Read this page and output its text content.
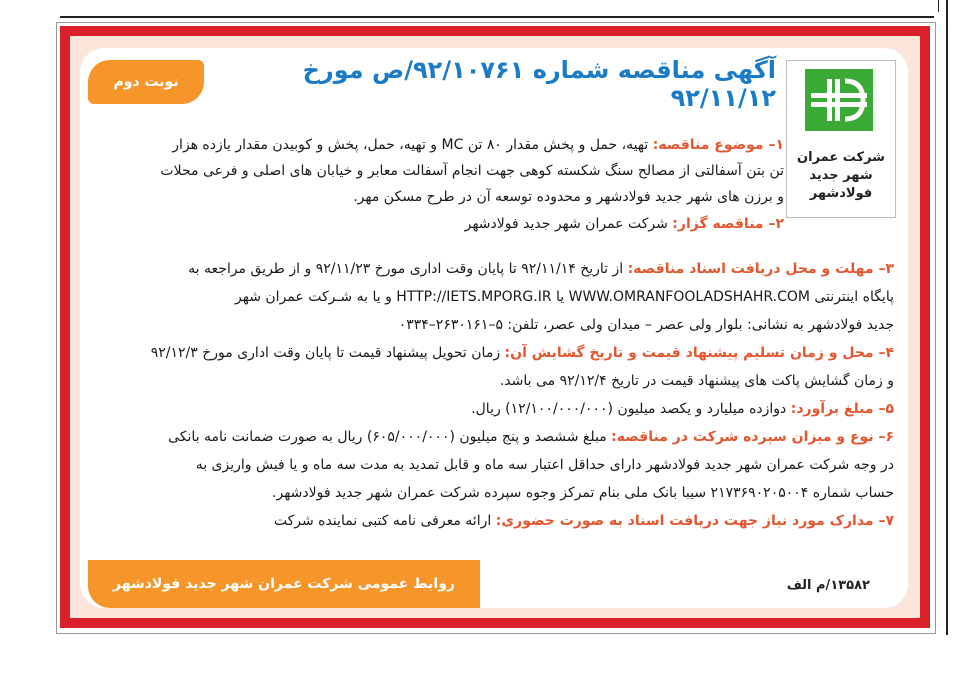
نوبت دوم	آگهی مناقصه شماره ۹۲/۱۰۷۶۱/ص مورخ ۹۲/۱۱/۱۲
شرکت عمران
شهر جدید
فولادشهر
۱– موضوع مناقصه: تهیه، حمل و پخش مقدار ۸۰ تن MC و تهیه، حمل، پخش و کوبیدن مقدار یازده هزار
تن بتن آسفالتی از مصالح سنگ شکسته کوهی جهت انجام آسفالت معابر و خیابان های اصلی و فرعی محلات
و برزن های شهر جدید فولادشهر و محدوده توسعه آن در طرح مسکن مهر.
۲– مناقصه گزار: شرکت عمران شهر جدید فولادشهر
۳– مهلت و محل دریافت اسناد مناقصه: از تاریخ ۹۲/۱۱/۱۴ تا پایان وقت اداری مورخ ۹۲/۱۱/۲۳ و از طریق مراجعه به
پایگاه اینترنتی WWW.OMRANFOOLADSHAHR.COM یا HTTP://IETS.MPORG.IR و یا به شـرکت عمران شهر
جدید فولادشهر به نشانی: بلوار ولی عصر – میدان ولی عصر، تلفن: ۵–۲۶۳۰۱۶۱–۰۳۳۴
۴– محل و زمان تسلیم پیشنهاد قیمت و تاریخ گشایش آن: زمان تحویل پیشنهاد قیمت تا پایان وقت اداری مورخ ۹۲/۱۲/۳
و زمان گشایش پاکت های پیشنهاد قیمت در تاریخ ۹۲/۱۲/۴ می باشد.
۵– مبلغ برآورد: دوازده میلیارد و یکصد میلیون (۱۲/۱۰۰/۰۰۰/۰۰۰) ریال.
۶– نوع و میزان سپرده شرکت در مناقصه: مبلغ ششصد و پنج میلیون (۶۰۵/۰۰۰/۰۰۰) ریال به صورت ضمانت نامه بانکی
در وجه شرکت عمران شهر جدید فولادشهر دارای حداقل اعتبار سه ماه و قابل تمدید به مدت سه ماه و یا فیش واریزی به
حساب شماره ۲۱۷۳۶۹۰۲۰۵۰۰۴ سیبا بانک ملی بنام تمرکز وجوه سپرده شرکت عمران شهر جدید فولادشهر.
۷– مدارک مورد نیاز جهت دریافت اسناد به صورت حضوری: ارائه معرفی نامه کتبی نماینده شرکت
روابط عمومی شرکت عمران شهر جدید فولادشهر	۱۳۵۸۲/م الف
